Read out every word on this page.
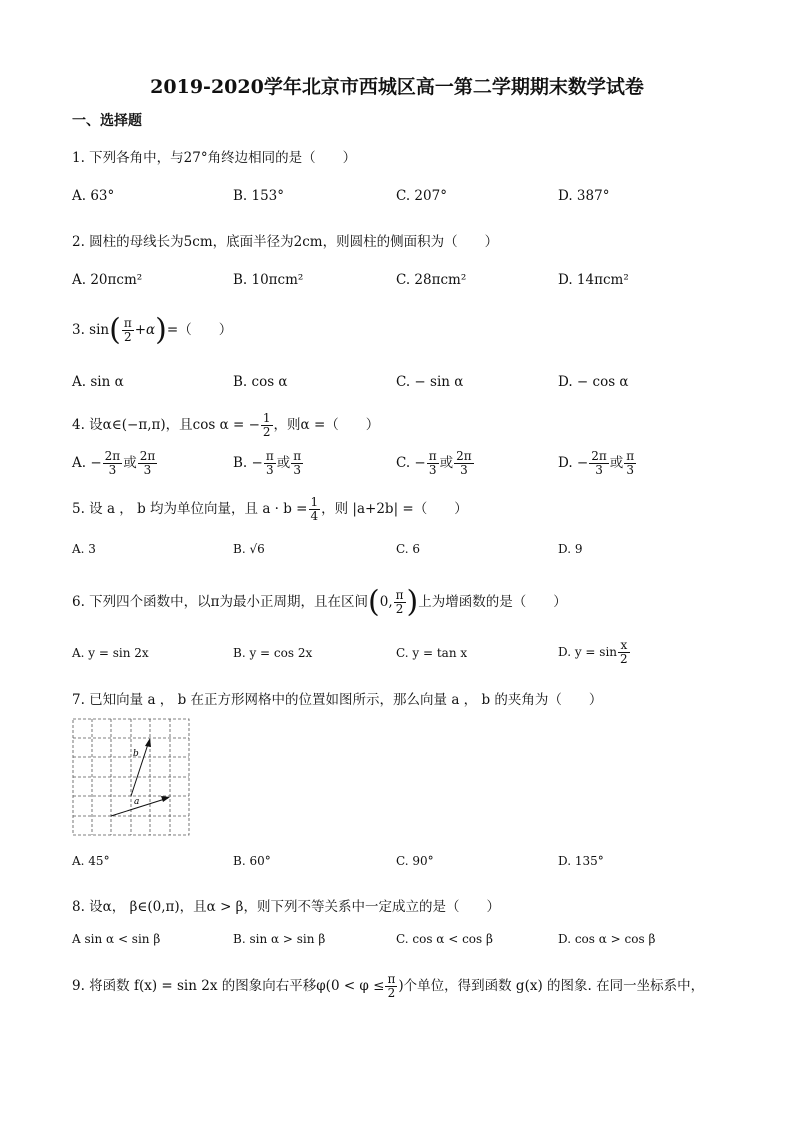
2019-2020学年北京市西城区高一第二学期期末数学试卷
一、选择题
1. 下列各角中，与27°角终边相同的是（　　）
A. 63°	B. 153°	C. 207°	D. 387°
2. 圆柱的母线长为5cm，底面半径为2cm，则圆柱的侧面积为（　　）
A. 20πcm²	B. 10πcm²	C. 28πcm²	D. 14πcm²
3. $\sin( \frac{\pi}{2} +\alpha)=$（　　）
A. sin α	B. cos α	C. − sin α	D. − cos α
4. 设α∈(−π,π)，且cos α = − $\frac{1}{2}$ ，则α =（　　）
A. − $\frac{2\pi}{3}$ 或 $\frac{2\pi}{3}$	B. − $\frac{\pi}{3}$ 或 $\frac{\pi}{3}$	C. − $\frac{\pi}{3}$ 或 $\frac{2\pi}{3}$	D. − $\frac{2\pi}{3}$ 或 $\frac{\pi}{3}$
5. 设 a ， b 均为单位向量，且 $a \cdot b = \frac{1}{4}$ ，则 |a+2b| =（　　）
A. 3	B. √6	C. 6	D. 9
6. 下列四个函数中，以π为最小正周期，且在区间(0, $\frac{\pi}{2}$ )上为增函数的是（　　）
A. y = sin 2x	B. y = cos 2x	C. y = tan x	D. $y = \sin \frac{x}{2}$
7. 已知向量 a ， b 在正方形网格中的位置如图所示，那么向量 a ， b 的夹角为（　　）
a
b
A. 45°	B. 60°	C. 90°	D. 135°
8. 设α， β∈(0,π)，且α > β，则下列不等关系中一定成立的是（　　）
A sin α < sin β	B. sin α > sin β	C. cos α < cos β	D. cos α > cos β
9. 将函数 f(x) = sin 2x 的图象向右平移$\varphi(0 < \varphi \le \frac{\pi}{2}$ )个单位，得到函数 g(x) 的图象. 在同一坐标系中，
